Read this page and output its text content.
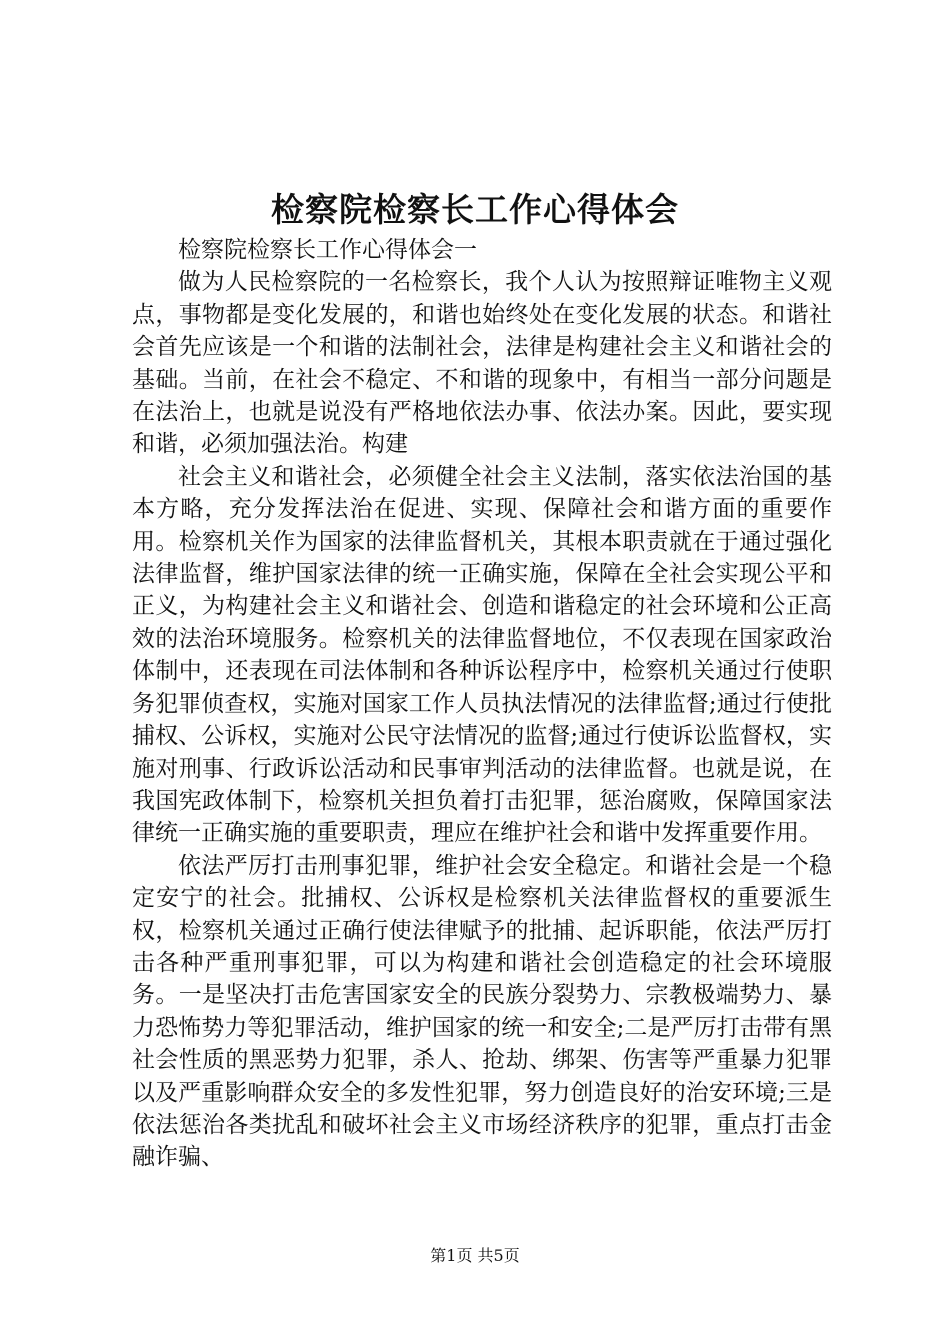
检察院检察长工作心得体会

检察院检察长工作心得体会一

做为人民检察院的一名检察长，我个人认为按照辩证唯物主义观点，事物都是变化发展的，和谐也始终处在变化发展的状态。和谐社会首先应该是一个和谐的法制社会，法律是构建社会主义和谐社会的基础。当前，在社会不稳定、不和谐的现象中，有相当一部分问题是在法治上，也就是说没有严格地依法办事、依法办案。因此，要实现和谐，必须加强法治。构建

社会主义和谐社会，必须健全社会主义法制，落实依法治国的基本方略，充分发挥法治在促进、实现、保障社会和谐方面的重要作用。检察机关作为国家的法律监督机关，其根本职责就在于通过强化法律监督，维护国家法律的统一正确实施，保障在全社会实现公平和正义，为构建社会主义和谐社会、创造和谐稳定的社会环境和公正高效的法治环境服务。检察机关的法律监督地位，不仅表现在国家政治体制中，还表现在司法体制和各种诉讼程序中，检察机关通过行使职务犯罪侦查权，实施对国家工作人员执法情况的法律监督;通过行使批捕权、公诉权，实施对公民守法情况的监督;通过行使诉讼监督权，实施对刑事、行政诉讼活动和民事审判活动的法律监督。也就是说，在我国宪政体制下，检察机关担负着打击犯罪，惩治腐败，保障国家法律统一正确实施的重要职责，理应在维护社会和谐中发挥重要作用。

依法严厉打击刑事犯罪，维护社会安全稳定。和谐社会是一个稳定安宁的社会。批捕权、公诉权是检察机关法律监督权的重要派生权，检察机关通过正确行使法律赋予的批捕、起诉职能，依法严厉打击各种严重刑事犯罪，可以为构建和谐社会创造稳定的社会环境服务。一是坚决打击危害国家安全的民族分裂势力、宗教极端势力、暴力恐怖势力等犯罪活动，维护国家的统一和安全;二是严厉打击带有黑社会性质的黑恶势力犯罪，杀人、抢劫、绑架、伤害等严重暴力犯罪以及严重影响群众安全的多发性犯罪，努力创造良好的治安环境;三是依法惩治各类扰乱和破坏社会主义市场经济秩序的犯罪，重点打击金融诈骗、

第1页 共5页
